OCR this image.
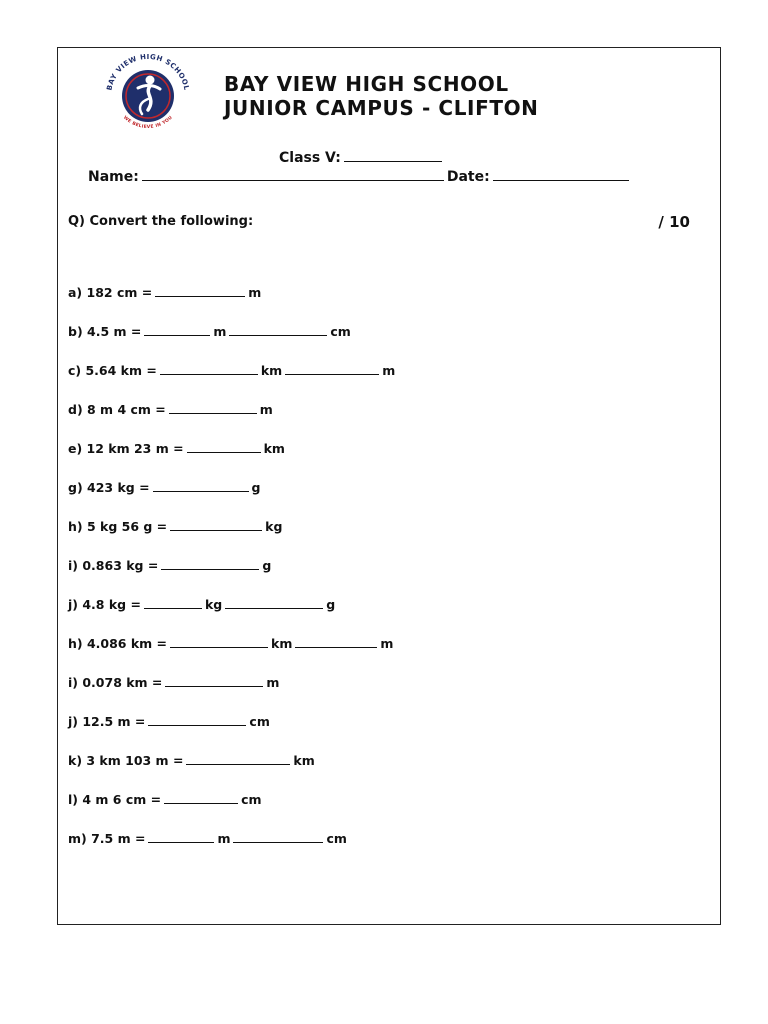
BAY VIEW HIGH SCHOOL
WE BELIEVE IN YOU
BAY VIEW HIGH SCHOOL
JUNIOR CAMPUS - CLIFTON
Class V:
Name:	Date:
Q) Convert the following:	/ 10
a) 182 cm =	m
b) 4.5 m =	m	cm
c) 5.64 km =	km	m
d) 8 m 4 cm =	m
e) 12 km 23 m =	km
g) 423 kg =	g
h) 5 kg 56 g =	kg
i) 0.863 kg =	g
j) 4.8 kg =	kg	g
h) 4.086 km =	km	m
i) 0.078 km =	m
j) 12.5 m =	cm
k) 3 km 103 m =	km
l) 4 m 6 cm =	cm
m) 7.5 m =	m	cm
